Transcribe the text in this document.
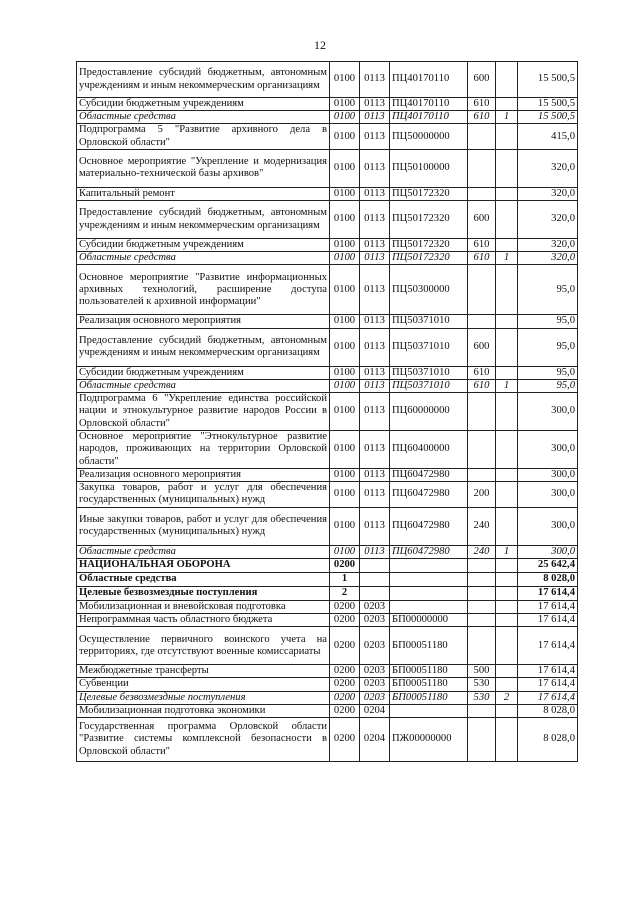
12
Предоставление субсидий бюджетным, автономным учреждениям и иным некоммерческим организациям	0100	0113	ПЦ40170110	600		15 500,5
Субсидии бюджетным учреждениям	0100	0113	ПЦ40170110	610		15 500,5
Областные средства	0100	0113	ПЦ40170110	610	1	15 500,5
Подпрограмма 5 "Развитие архивного дела в Орловской области"	0100	0113	ПЦ50000000			415,0
Основное мероприятие "Укрепление и модернизация материально-технической базы архивов"	0100	0113	ПЦ50100000			320,0
Капитальный ремонт	0100	0113	ПЦ50172320			320,0
Предоставление субсидий бюджетным, автономным учреждениям и иным некоммерческим организациям	0100	0113	ПЦ50172320	600		320,0
Субсидии бюджетным учреждениям	0100	0113	ПЦ50172320	610		320,0
Областные средства	0100	0113	ПЦ50172320	610	1	320,0
Основное мероприятие "Развитие информационных архивных технологий, расширение доступа пользователей к архивной информации"	0100	0113	ПЦ50300000			95,0
Реализация основного мероприятия	0100	0113	ПЦ50371010			95,0
Предоставление субсидий бюджетным, автономным учреждениям и иным некоммерческим организациям	0100	0113	ПЦ50371010	600		95,0
Субсидии бюджетным учреждениям	0100	0113	ПЦ50371010	610		95,0
Областные средства	0100	0113	ПЦ50371010	610	1	95,0
Подпрограмма 6 "Укрепление единства российской нации и этнокультурное развитие народов России в Орловской области"	0100	0113	ПЦ60000000			300,0
Основное мероприятие "Этнокультурное развитие народов, проживающих на территории Орловской области"	0100	0113	ПЦ60400000			300,0
Реализация основного мероприятия	0100	0113	ПЦ60472980			300,0
Закупка товаров, работ и услуг для обеспечения государственных (муниципальных) нужд	0100	0113	ПЦ60472980	200		300,0
Иные закупки товаров, работ и услуг для обеспечения государственных (муниципальных) нужд	0100	0113	ПЦ60472980	240		300,0
Областные средства	0100	0113	ПЦ60472980	240	1	300,0
НАЦИОНАЛЬНАЯ ОБОРОНА	0200					25 642,4
Областные средства	1					8 028,0
Целевые безвозмездные поступления	2					17 614,4
Мобилизационная и вневойсковая подготовка	0200	0203				17 614,4
Непрограммная часть областного бюджета	0200	0203	БП00000000			17 614,4
Осуществление первичного воинского учета на территориях, где отсутствуют военные комиссариаты	0200	0203	БП00051180			17 614,4
Межбюджетные трансферты	0200	0203	БП00051180	500		17 614,4
Субвенции	0200	0203	БП00051180	530		17 614,4
Целевые безвозмездные поступления	0200	0203	БП00051180	530	2	17 614,4
Мобилизационная подготовка экономики	0200	0204				8 028,0
Государственная программа Орловской области "Развитие системы комплексной безопасности в Орловской области"	0200	0204	ПЖ00000000			8 028,0
